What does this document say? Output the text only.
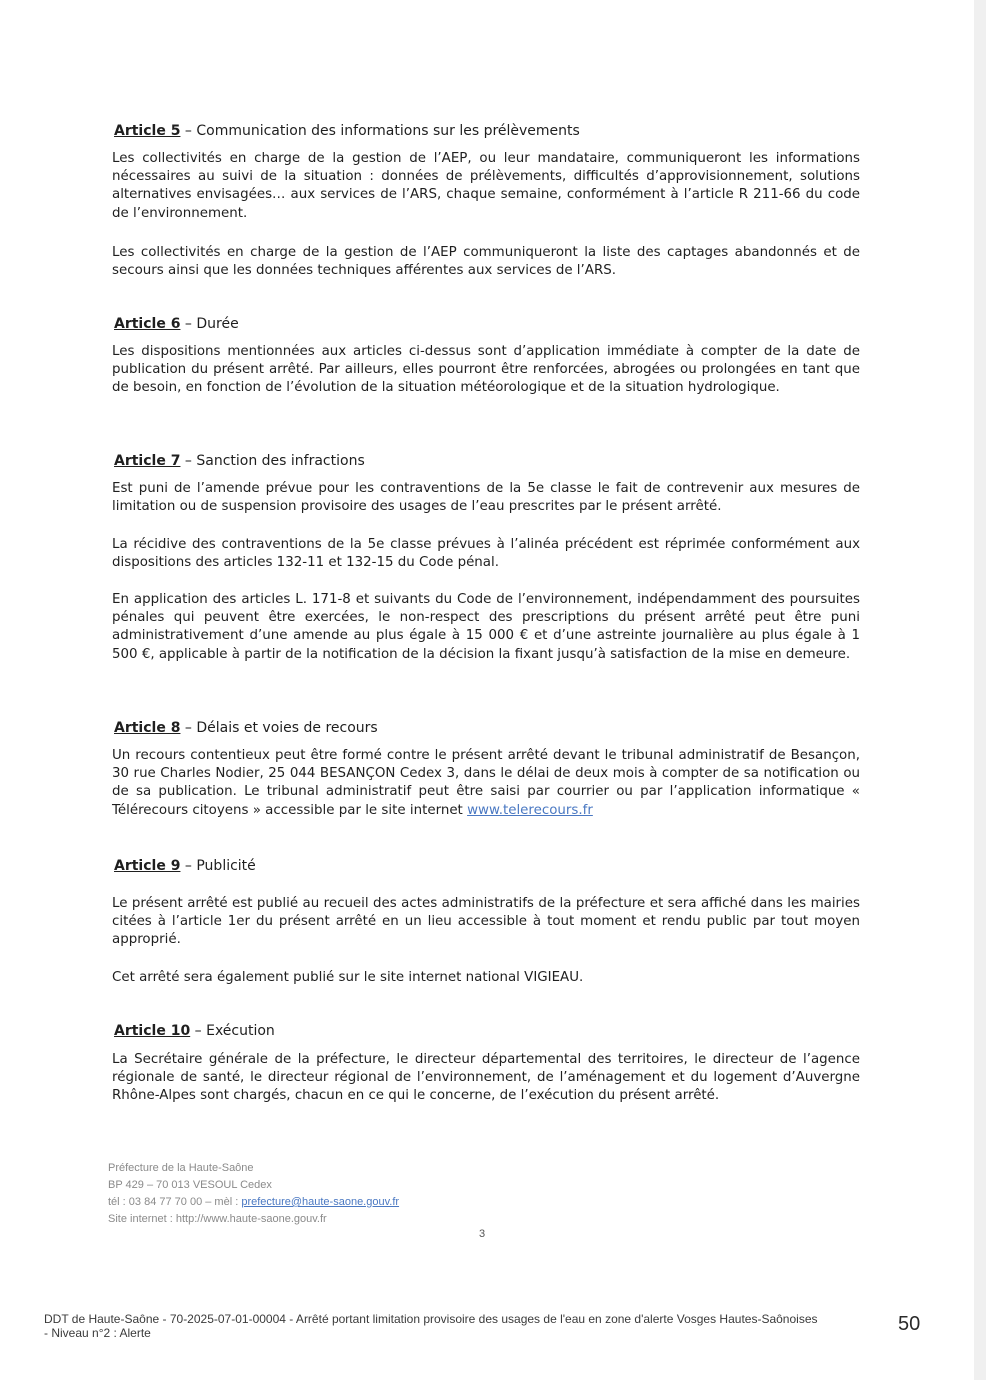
Article 5 – Communication des informations sur les prélèvements

Les collectivités en charge de la gestion de l’AEP, ou leur mandataire, communiqueront les informations nécessaires au suivi de la situation : données de prélèvements, difficultés d’approvisionnement, solutions alternatives envisagées… aux services de l’ARS, chaque semaine, conformément à l’article R 211-66 du code de l’environnement.

Les collectivités en charge de la gestion de l’AEP communiqueront la liste des captages abandonnés et de secours ainsi que les données techniques afférentes aux services de l’ARS.

Article 6 – Durée

Les dispositions mentionnées aux articles ci-dessus sont d’application immédiate à compter de la date de publication du présent arrêté. Par ailleurs, elles pourront être renforcées, abrogées ou prolongées en tant que de besoin, en fonction de l’évolution de la situation météorologique et de la situation hydrologique.

Article 7 – Sanction des infractions

Est puni de l’amende prévue pour les contraventions de la 5e classe le fait de contrevenir aux mesures de limitation ou de suspension provisoire des usages de l’eau prescrites par le présent arrêté.

La récidive des contraventions de la 5e classe prévues à l’alinéa précédent est réprimée conformément aux dispositions des articles 132-11 et 132-15 du Code pénal.

En application des articles L. 171-8 et suivants du Code de l’environnement, indépendamment des poursuites pénales qui peuvent être exercées, le non-respect des prescriptions du présent arrêté peut être puni administrativement d’une amende au plus égale à 15 000 € et d’une astreinte journalière au plus égale à 1 500 €, applicable à partir de la notification de la décision la fixant jusqu’à satisfaction de la mise en demeure.

Article 8 – Délais et voies de recours

Un recours contentieux peut être formé contre le présent arrêté devant le tribunal administratif de Besançon, 30 rue Charles Nodier, 25 044 BESANÇON Cedex 3, dans le délai de deux mois à compter de sa notification ou de sa publication. Le tribunal administratif peut être saisi par courrier ou par l’application informatique « Télérecours citoyens » accessible par le site internet www.telerecours.fr

Article 9 – Publicité

Le présent arrêté est publié au recueil des actes administratifs de la préfecture et sera affiché dans les mairies citées à l’article 1er du présent arrêté en un lieu accessible à tout moment et rendu public par tout moyen approprié.

Cet arrêté sera également publié sur le site internet national VIGIEAU.

Article 10 – Exécution

La Secrétaire générale de la préfecture, le directeur départemental des territoires, le directeur de l’agence régionale de santé, le directeur régional de l’environnement, de l’aménagement et du logement d’Auvergne Rhône-Alpes sont chargés, chacun en ce qui le concerne, de l’exécution du présent arrêté.

Préfecture de la Haute-Saône
BP 429 – 70 013 VESOUL Cedex
tél : 03 84 77 70 00 – mèl : prefecture@haute-saone.gouv.fr
Site internet : http://www.haute-saone.gouv.fr
3
DDT de Haute-Saône - 70-2025-07-01-00004 - Arrêté portant limitation provisoire des usages de l'eau en zone d'alerte Vosges Hautes-Saônoises - Niveau n°2 : Alerte	50
